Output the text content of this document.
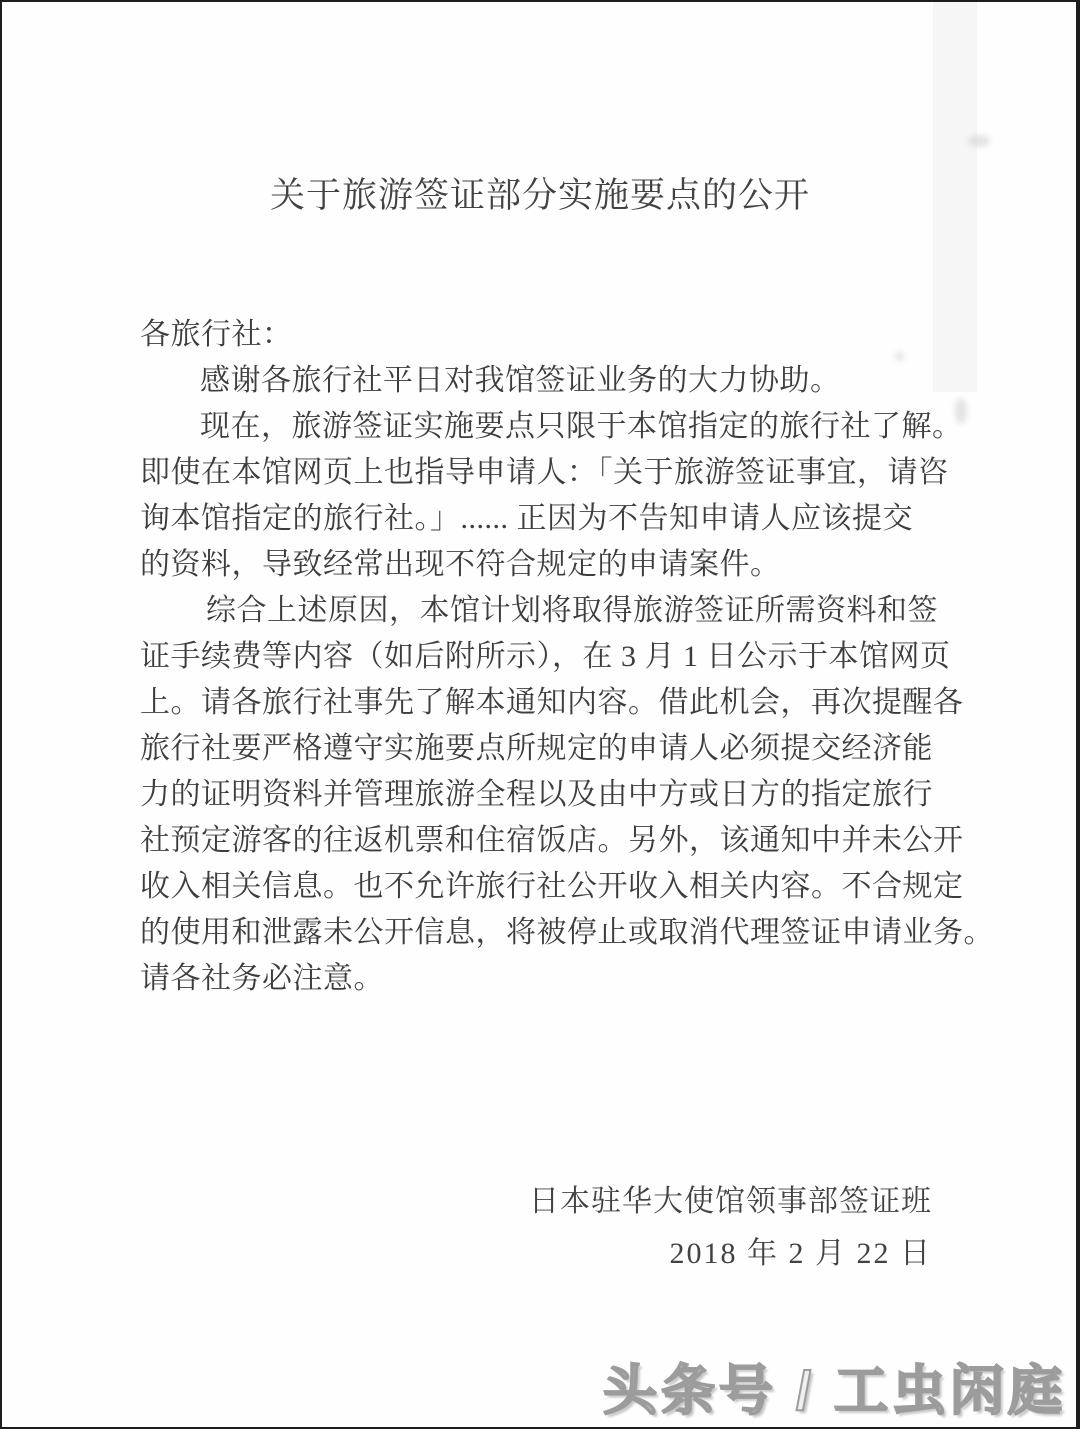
关于旅游签证部分实施要点的公开
各旅行社：
感谢各旅行社平日对我馆签证业务的大力协助。
现在，旅游签证实施要点只限于本馆指定的旅行社了解。
即使在本馆网页上也指导申请人：「关于旅游签证事宜，请咨
询本馆指定的旅行社。」...... 正因为不告知申请人应该提交
的资料，导致经常出现不符合规定的申请案件。
综合上述原因，本馆计划将取得旅游签证所需资料和签
证手续费等内容（如后附所示），在 3 月 1 日公示于本馆网页
上。请各旅行社事先了解本通知内容。借此机会，再次提醒各
旅行社要严格遵守实施要点所规定的申请人必须提交经济能
力的证明资料并管理旅游全程以及由中方或日方的指定旅行
社预定游客的往返机票和住宿饭店。另外，该通知中并未公开
收入相关信息。也不允许旅行社公开收入相关内容。不合规定
的使用和泄露未公开信息，将被停止或取消代理签证申请业务。
请各社务必注意。
日本驻华大使馆领事部签证班
2018 年 2 月 22 日
头条号 / 工虫闲庭
